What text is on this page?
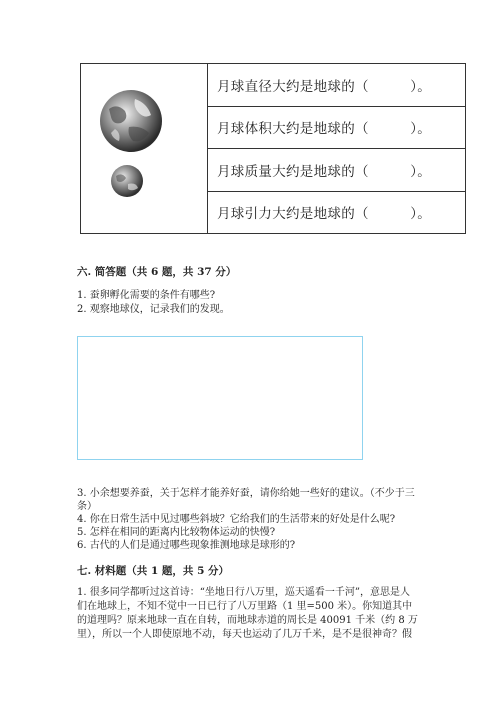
月球直径大约是地球的（　　　）。
月球体积大约是地球的（　　　）。
月球质量大约是地球的（　　　）。
月球引力大约是地球的（　　　）。
六. 简答题（共 6 题，共 37 分）
1. 蚕卵孵化需要的条件有哪些?
2. 观察地球仪，记录我们的发现。
3. 小余想要养蚕，关于怎样才能养好蚕，请你给她一些好的建议。（不少于三
条）
4. 你在日常生活中见过哪些斜坡？它给我们的生活带来的好处是什么呢?
5. 怎样在相同的距离内比较物体运动的快慢?
6. 古代的人们是通过哪些现象推测地球是球形的?
七. 材料题（共 1 题，共 5 分）
1. 很多同学都听过这首诗：“坐地日行八万里，巡天遥看一千河”，意思是人
们在地球上，不知不觉中一日已行了八万里路（1 里=500 米）。你知道其中
的道理吗？原来地球一直在自转，而地球赤道的周长是 40091 千米（约 8 万
里），所以一个人即使原地不动，每天也运动了几万千米，是不是很神奇？假
